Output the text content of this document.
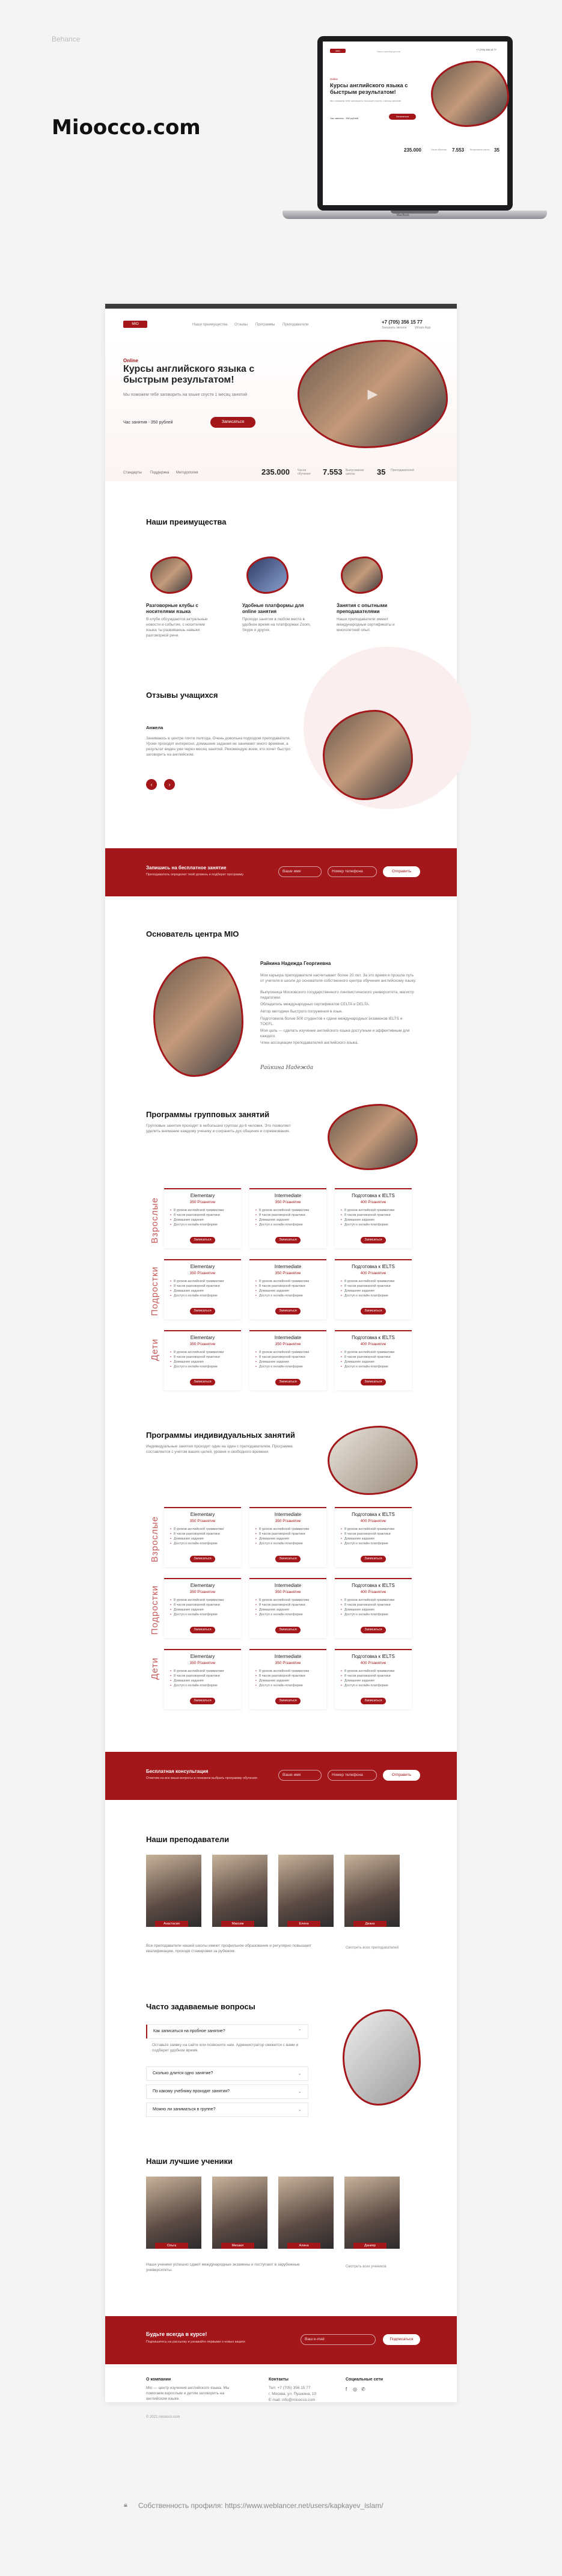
Behance
Mioocco.com
MIO	Наши преимущества
+7 (705) 356 15 77
Online
Курсы английского языка с быстрым результатом!
Мы поможем тебе заговорить на языке спустя 1 месяц занятий
Час занятия - 350 рублей
Записаться
235.000	Часов обучения 7.553	Выпускников школы 35
MacBook
MIO	Наши преимущества Отзывы Программы Преподаватели	+7 (705) 356 15 77
Заказать звонок	Whats App
Online
Курсы английского языка с быстрым результатом!
Мы поможем тебе заговорить на языке спустя 1 месяц занятий
Час занятия - 350 рублей	Записаться
▶
Стандарты Поддержка Методология	235.000	Часов обучения	7.553 Выпускников школы	35 Преподавателей
Наши преимущества
Разговорные клубы с носителями языка
В клубе обсуждаются актуальные новости и события, с носителем языка ты развиваешь навыки разговорной речи.
Удобные платформы для online занятия
Проходи занятия в любом месте в удобное время на платформах Zoom, Skype и других.
Занятия с опытными преподавателями
Наши преподаватели имеют международные сертификаты и многолетний опыт.
Отзывы учащихся
Анжела
Занимаюсь в центре почти полгода. Очень довольна подходом преподавателя. Уроки проходят интересно, домашние задания не занимают много времени, а результат виден уже через месяц занятий. Рекомендую всем, кто хочет быстро заговорить на английском.
‹	›
Запишись на бесплатное занятие
Преподаватель определит твой уровень и подберет программу
Ваше имя	Номер телефона	Отправить
Основатель центра MIO
Райкина Надежда Георгиевна
Моя карьера преподавателя насчитывает более 20 лет. За это время я прошла путь от учителя в школе до основателя собственного центра обучения английскому языку.
Выпускница Московского государственного лингвистического университета, магистр педагогики.
Обладатель международных сертификатов CELTA и DELTA.
Автор методики быстрого погружения в язык.
Подготовила более 500 студентов к сдаче международных экзаменов IELTS и TOEFL.
Моя цель — сделать изучение английского языка доступным и эффективным для каждого.
Член ассоциации преподавателей английского языка.
Райкина Надежда
Программы групповых занятий
Групповые занятия проходят в небольших группах до 6 человек. Это позволяет уделить внимание каждому ученику и сохранить дух общения и соревнования.
Взрослые
Подростки
Дети
Elementary
350 Р/занятие
• 8 уроков английской грамматики
• 8 часов разговорной практики
• Домашние задания
• Доступ к онлайн-платформе
Записаться
Intermediate
350 Р/занятие
• 8 уроков английской грамматики
• 8 часов разговорной практики
• Домашние задания
• Доступ к онлайн-платформе
Записаться
Подготовка к IELTS
400 Р/занятие
• 8 уроков английской грамматики
• 8 часов разговорной практики
• Домашние задания
• Доступ к онлайн-платформе
Записаться
Elementary
350 Р/занятие
• 8 уроков английской грамматики
• 8 часов разговорной практики
• Домашние задания
• Доступ к онлайн-платформе
Записаться
Intermediate
350 Р/занятие
• 8 уроков английской грамматики
• 8 часов разговорной практики
• Домашние задания
• Доступ к онлайн-платформе
Записаться
Подготовка к IELTS
400 Р/занятие
• 8 уроков английской грамматики
• 8 часов разговорной практики
• Домашние задания
• Доступ к онлайн-платформе
Записаться
Elementary
350 Р/занятие
• 8 уроков английской грамматики
• 8 часов разговорной практики
• Домашние задания
• Доступ к онлайн-платформе
Записаться
Intermediate
350 Р/занятие
• 8 уроков английской грамматики
• 8 часов разговорной практики
• Домашние задания
• Доступ к онлайн-платформе
Записаться
Подготовка к IELTS
400 Р/занятие
• 8 уроков английской грамматики
• 8 часов разговорной практики
• Домашние задания
• Доступ к онлайн-платформе
Записаться
Программы индивидуальных занятий
Индивидуальные занятия проходят один на один с преподавателем. Программа составляется с учетом ваших целей, уровня и свободного времени.
Взрослые
Подростки
Дети
Elementary
350 Р/занятие
• 8 уроков английской грамматики
• 8 часов разговорной практики
• Домашние задания
• Доступ к онлайн-платформе
Записаться
Intermediate
350 Р/занятие
• 8 уроков английской грамматики
• 8 часов разговорной практики
• Домашние задания
• Доступ к онлайн-платформе
Записаться
Подготовка к IELTS
400 Р/занятие
• 8 уроков английской грамматики
• 8 часов разговорной практики
• Домашние задания
• Доступ к онлайн-платформе
Записаться
Elementary
350 Р/занятие
• 8 уроков английской грамматики
• 8 часов разговорной практики
• Домашние задания
• Доступ к онлайн-платформе
Записаться
Intermediate
350 Р/занятие
• 8 уроков английской грамматики
• 8 часов разговорной практики
• Домашние задания
• Доступ к онлайн-платформе
Записаться
Подготовка к IELTS
400 Р/занятие
• 8 уроков английской грамматики
• 8 часов разговорной практики
• Домашние задания
• Доступ к онлайн-платформе
Записаться
Elementary
350 Р/занятие
• 8 уроков английской грамматики
• 8 часов разговорной практики
• Домашние задания
• Доступ к онлайн-платформе
Записаться
Intermediate
350 Р/занятие
• 8 уроков английской грамматики
• 8 часов разговорной практики
• Домашние задания
• Доступ к онлайн-платформе
Записаться
Подготовка к IELTS
400 Р/занятие
• 8 уроков английской грамматики
• 8 часов разговорной практики
• Домашние задания
• Доступ к онлайн-платформе
Записаться
Бесплатная консультация
Ответим на все ваши вопросы и поможем выбрать программу обучения
Ваше имя	Номер телефона	Отправить
Наши преподаватели
Анастасия	Максим	Елена	Диана
Все преподаватели нашей школы имеют профильное образование и регулярно повышают квалификацию, проходя стажировки за рубежом.
Смотреть всех преподавателей
Часто задаваемые вопросы
Как записаться на пробное занятие?	⌃
Оставьте заявку на сайте или позвоните нам. Администратор свяжется с вами и подберет удобное время.
Сколько длится одно занятие?	⌄
По какому учебнику проходят занятия?	⌄
Можно ли заниматься в группе?	⌄
Наши лучшие ученики
Ольга	Михаил	Алина	Данияр
Наши ученики успешно сдают международные экзамены и поступают в зарубежные университеты.
Смотреть всех учеников
Будьте всегда в курсе!
Подпишитесь на рассылку и узнавайте первыми о новых акциях
Ваш e-mail	Подписаться
О компании
Mio — центр изучения английского языка. Мы помогаем взрослым и детям заговорить на английском языке.
Контакты
Тел: +7 (705) 356 15 77
г. Москва, ул. Пушкина, 10
E-mail: info@mioocco.com
Социальные сети
f ◎ ✆
© 2021 mioocco.com
🔒︎ Собственность профиля: https://www.weblancer.net/users/kapkayev_islam/
